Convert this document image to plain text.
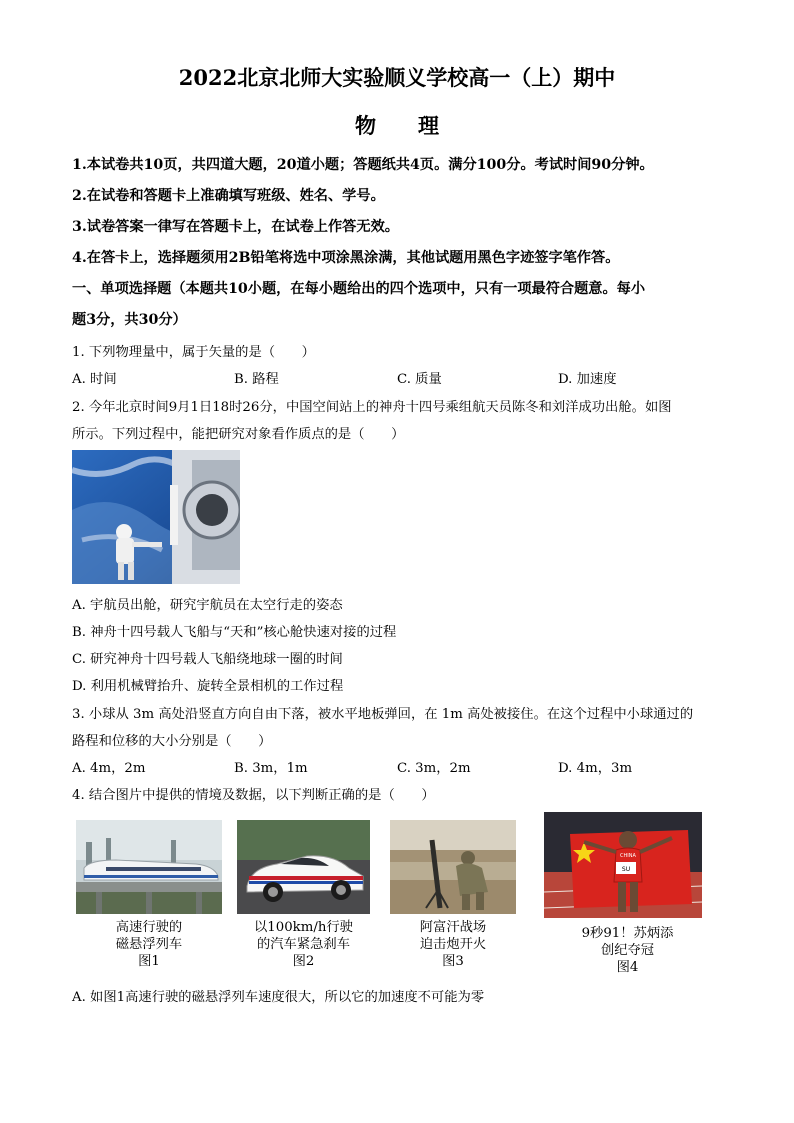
2022北京北师大实验顺义学校高一（上）期中
物　　理
1.本试卷共10页，共四道大题，20道小题；答题纸共4页。满分100分。考试时间90分钟。
2.在试卷和答题卡上准确填写班级、姓名、学号。
3.试卷答案一律写在答题卡上，在试卷上作答无效。
4.在答卡上，选择题须用2B铅笔将选中项涂黑涂满，其他试题用黑色字迹签字笔作答。
一、单项选择题（本题共10小题，在每小题给出的四个选项中，只有一项最符合题意。每小
题3分，共30分）
1. 下列物理量中，属于矢量的是（　　）
A. 时间	B. 路程	C. 质量	D. 加速度
2. 今年北京时间9月1日18时26分，中国空间站上的神舟十四号乘组航天员陈冬和刘洋成功出舱。如图
所示。下列过程中，能把研究对象看作质点的是（　　）
A. 宇航员出舱，研究宇航员在太空行走的姿态
B. 神舟十四号载人飞船与“天和”核心舱快速对接的过程
C. 研究神舟十四号载人飞船绕地球一圈的时间
D. 利用机械臂抬升、旋转全景相机的工作过程
3. 小球从 3m 高处沿竖直方向自由下落，被水平地板弹回，在 1m 高处被接住。在这个过程中小球通过的
路程和位移的大小分别是（　　）
A. 4m，2m	B. 3m，1m	C. 3m，2m	D. 4m，3m
4. 结合图片中提供的情境及数据，以下判断正确的是（　　）
高速行驶的
磁悬浮列车
图1
以100km/h行驶
的汽车紧急刹车
图2
阿富汗战场
迫击炮开火
图3
SU
CHINA
9秒91！苏炳添
创纪夺冠
图4
A. 如图1高速行驶的磁悬浮列车速度很大，所以它的加速度不可能为零
